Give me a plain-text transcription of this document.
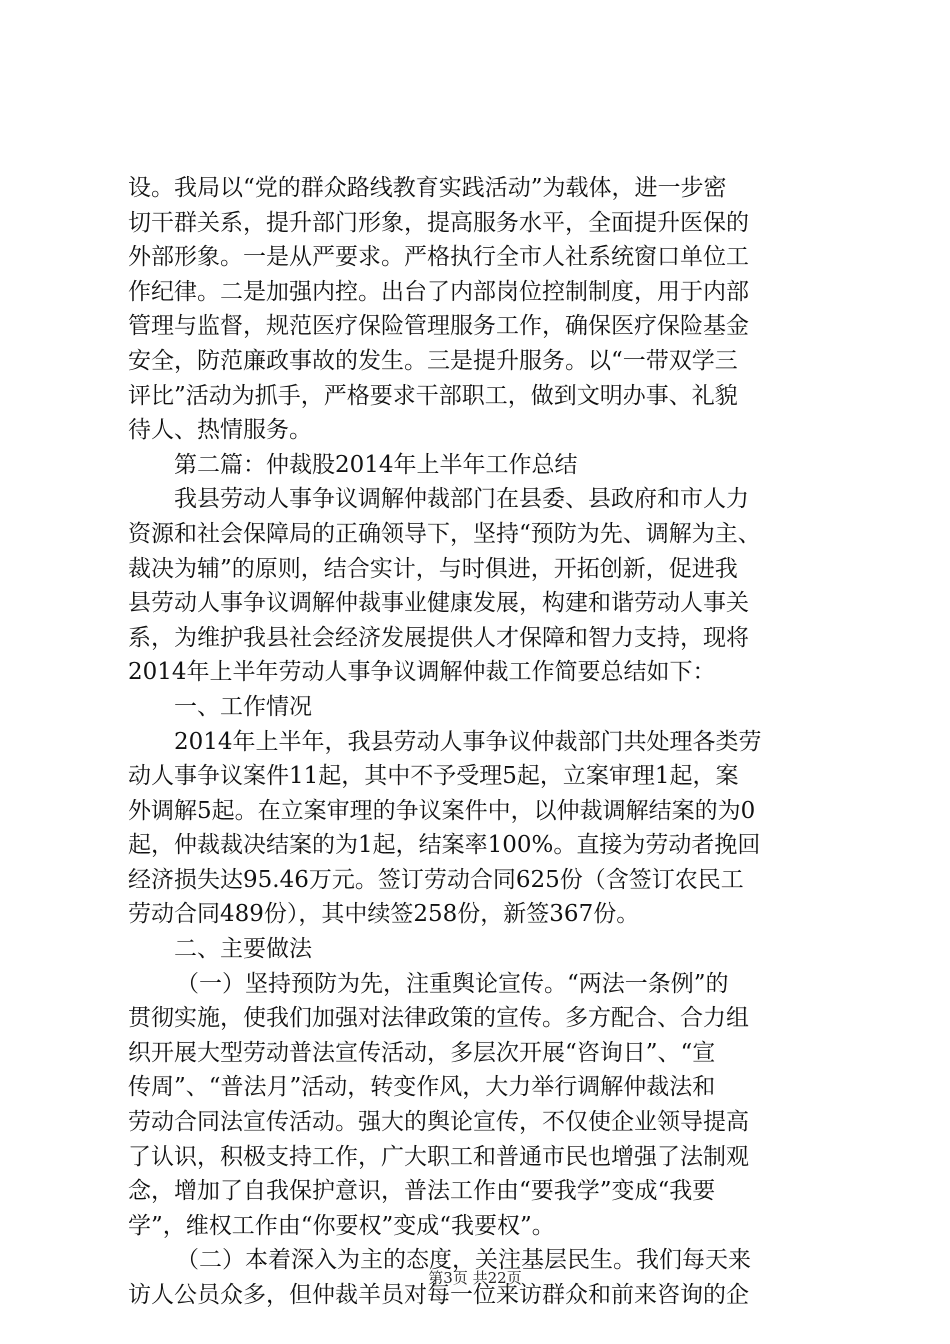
设。我局以“党的群众路线教育实践活动”为载体，进一步密
切干群关系，提升部门形象，提高服务水平，全面提升医保的
外部形象。一是从严要求。严格执行全市人社系统窗口单位工
作纪律。二是加强内控。出台了内部岗位控制制度，用于内部
管理与监督，规范医疗保险管理服务工作，确保医疗保险基金
安全，防范廉政事故的发生。三是提升服务。以“一带双学三
评比”活动为抓手，严格要求干部职工，做到文明办事、礼貌
待人、热情服务。
第二篇：仲裁股2014年上半年工作总结
我县劳动人事争议调解仲裁部门在县委、县政府和市人力
资源和社会保障局的正确领导下，坚持“预防为先、调解为主、
裁决为辅”的原则，结合实计，与时俱进，开拓创新，促进我
县劳动人事争议调解仲裁事业健康发展，构建和谐劳动人事关
系，为维护我县社会经济发展提供人才保障和智力支持，现将
2014年上半年劳动人事争议调解仲裁工作简要总结如下：
一、工作情况
2014年上半年，我县劳动人事争议仲裁部门共处理各类劳
动人事争议案件11起，其中不予受理5起，立案审理1起，案
外调解5起。在立案审理的争议案件中，以仲裁调解结案的为0
起，仲裁裁决结案的为1起，结案率100%。直接为劳动者挽回
经济损失达95.46万元。签订劳动合同625份（含签订农民工
劳动合同489份），其中续签258份，新签367份。
二、主要做法
（一）坚持预防为先，注重舆论宣传。“两法一条例”的
贯彻实施，使我们加强对法律政策的宣传。多方配合、合力组
织开展大型劳动普法宣传活动，多层次开展“咨询日”、“宣
传周”、“普法月”活动，转变作风，大力举行调解仲裁法和
劳动合同法宣传活动。强大的舆论宣传，不仅使企业领导提高
了认识，积极支持工作，广大职工和普通市民也增强了法制观
念，增加了自我保护意识，普法工作由“要我学”变成“我要
学”，维权工作由“你要权”变成“我要权”。
（二）本着深入为主的态度，关注基层民生。我们每天来
访人公员众多，但仲裁羊员对每一位来访群众和前来咨询的企
第3页 共22页
